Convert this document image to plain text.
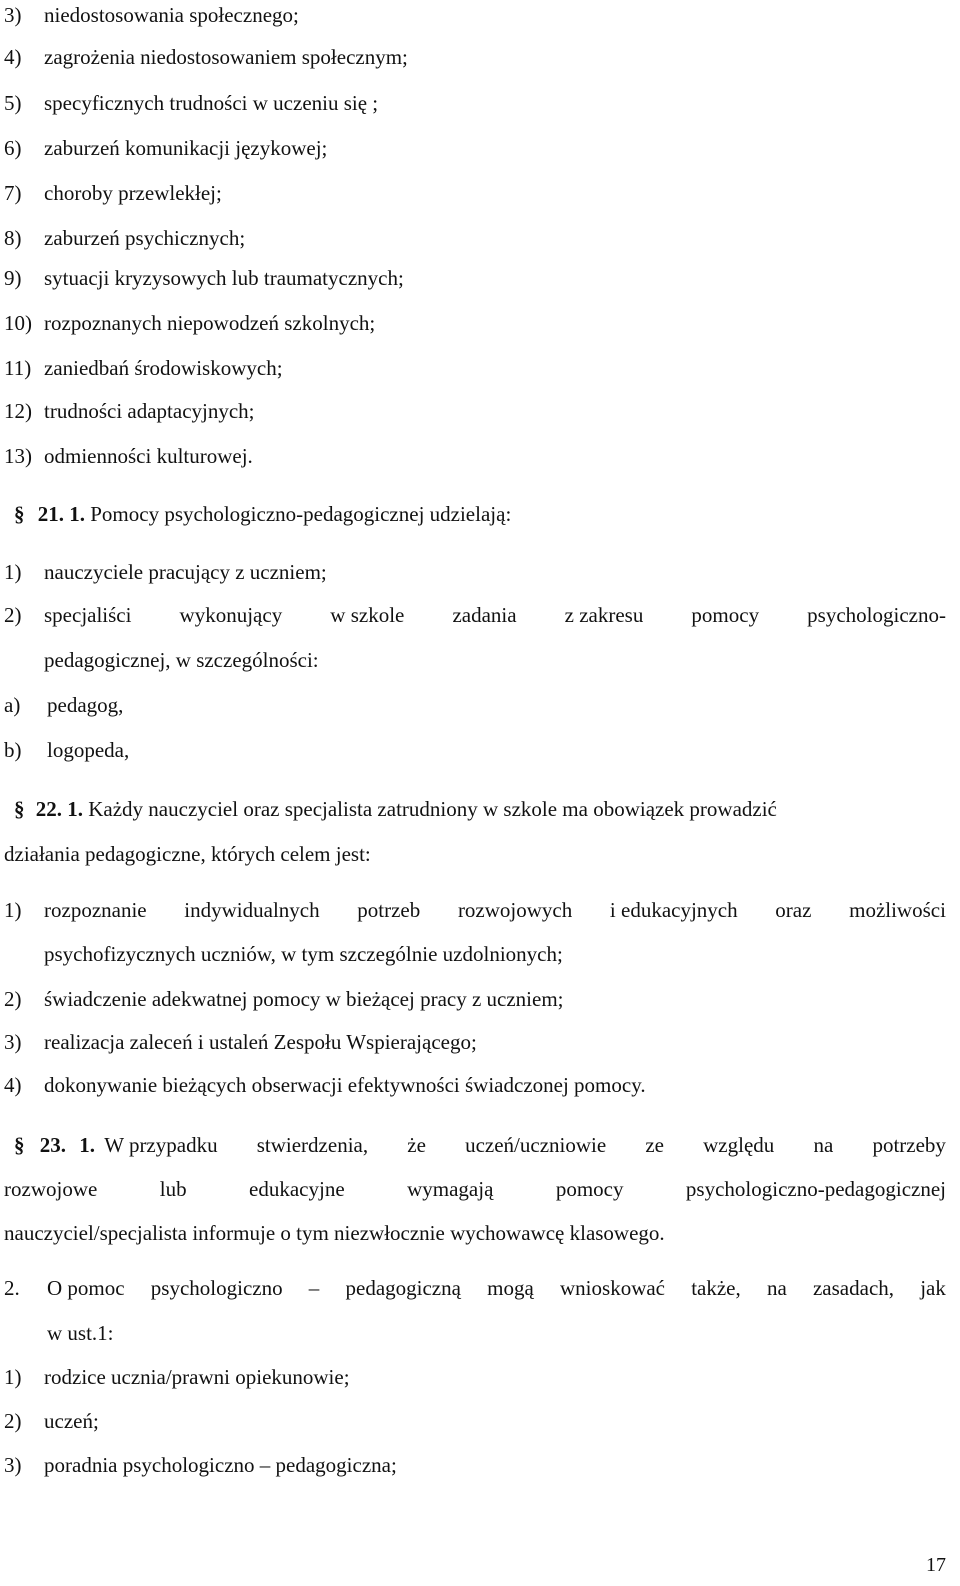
3) niedostosowania społecznego;
4) zagrożenia niedostosowaniem społecznym;
5) specyficznych trudności w uczeniu się ;
6) zaburzeń komunikacji językowej;
7) choroby przewlekłej;
8) zaburzeń psychicznych;
9) sytuacji kryzysowych lub traumatycznych;
10) rozpoznanych niepowodzeń szkolnych;
11) zaniedbań środowiskowych;
12) trudności adaptacyjnych;
13) odmienności kulturowej.
§ 21. 1. Pomocy psychologiczno-pedagogicznej udzielają:
1) nauczyciele pracujący z uczniem;
2) specjaliści wykonujący w szkole zadania z zakresu pomocy psychologiczno-
pedagogicznej, w szczególności:
a) pedagog,
b) logopeda,
§ 22. 1. Każdy nauczyciel oraz specjalista zatrudniony w szkole ma obowiązek prowadzić
działania pedagogiczne, których celem jest:
1) rozpoznanie indywidualnych potrzeb rozwojowych i edukacyjnych oraz możliwości
psychofizycznych uczniów, w tym szczególnie uzdolnionych;
2) świadczenie adekwatnej pomocy w bieżącej pracy z uczniem;
3) realizacja zaleceń i ustaleń Zespołu Wspierającego;
4) dokonywanie bieżących obserwacji efektywności świadczonej pomocy.
§ 23. 1. W przypadku stwierdzenia, że uczeń/uczniowie ze względu na potrzeby
rozwojowe	lub	edukacyjne	wymagają	pomocy	psychologiczno-pedagogicznej
nauczyciel/specjalista informuje o tym niezwłocznie wychowawcę klasowego.
2. O pomoc psychologiczno – pedagogiczną mogą wnioskować także, na zasadach, jak
w ust.1:
1) rodzice ucznia/prawni opiekunowie;
2) uczeń;
3) poradnia psychologiczno – pedagogiczna;
17
